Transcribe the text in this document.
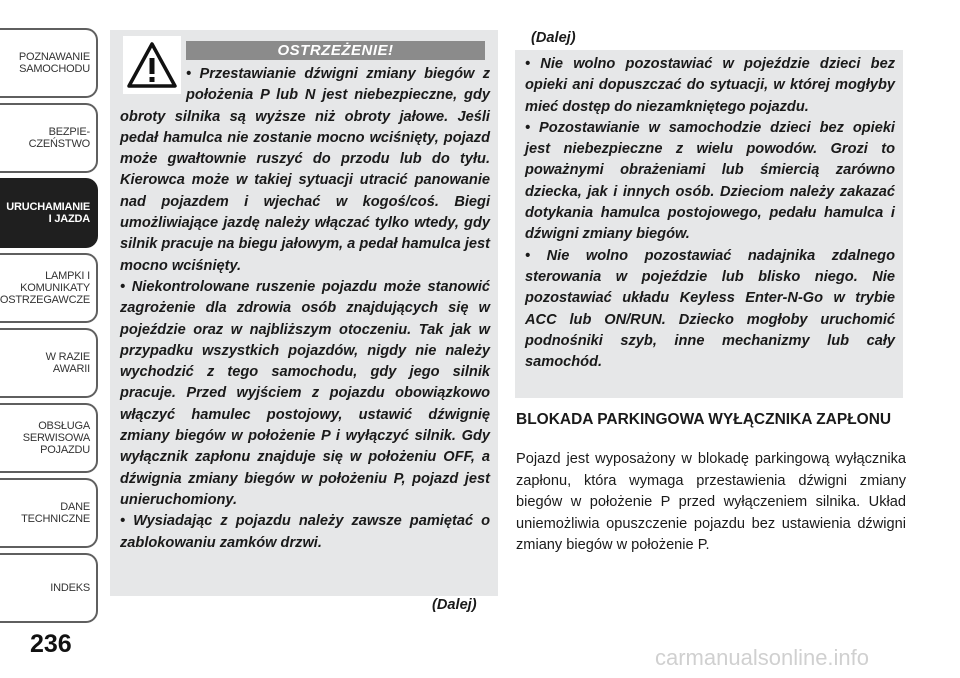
POZNAWANIE
SAMOCHODU
BEZPIE-
CZEŃSTWO
URUCHAMIANIE
I JAZDA
LAMPKI I
KOMUNIKATY
OSTRZEGAWCZE
W RAZIE
AWARII
OBSŁUGA
SERWISOWA
POJAZDU
DANE
TECHNICZNE
INDEKS
236
OSTRZEŻENIE!

• Przestawianie dźwigni zmiany biegów z położenia P lub N jest niebezpieczne, gdy obroty silnika są wyższe niż obroty jałowe. Jeśli pedał hamulca nie zostanie mocno wciśnięty, pojazd może gwałtownie ruszyć do przodu lub do tyłu. Kierowca może w takiej sytuacji utracić panowanie nad pojazdem i wjechać w kogoś/coś. Biegi umożliwiające jazdę należy włączać tylko wtedy, gdy silnik pracuje na biegu jałowym, a pedał hamulca jest mocno wciśnięty.

• Niekontrolowane ruszenie pojazdu może stanowić zagrożenie dla zdrowia osób znajdujących się w pojeździe oraz w najbliższym otoczeniu. Tak jak w przypadku wszystkich pojazdów, nigdy nie należy wychodzić z tego samochodu, gdy jego silnik pracuje. Przed wyjściem z pojazdu obowiązkowo włączyć hamulec postojowy, ustawić dźwignię zmiany biegów w położenie P i wyłączyć silnik. Gdy wyłącznik zapłonu znajduje się w położeniu OFF, a dźwignia zmiany biegów w położeniu P, pojazd jest unieruchomiony.

• Wysiadając z pojazdu należy zawsze pamiętać o zablokowaniu zamków drzwi.

(Dalej)
(Dalej)

• Nie wolno pozostawiać w pojeździe dzieci bez opieki ani dopuszczać do sytuacji, w której mogłyby mieć dostęp do niezamkniętego pojazdu.

• Pozostawianie w samochodzie dzieci bez opieki jest niebezpieczne z wielu powodów. Grozi to poważnymi obrażeniami lub śmiercią zarówno dziecka, jak i innych osób. Dzieciom należy zakazać dotykania hamulca postojowego, pedału hamulca i dźwigni zmiany biegów.

• Nie wolno pozostawiać nadajnika zdalnego sterowania w pojeździe lub blisko niego. Nie pozostawiać układu Keyless Enter-N-Go w trybie ACC lub ON/RUN. Dziecko mogłoby uruchomić podnośniki szyb, inne mechanizmy lub cały samochód.

BLOKADA PARKINGOWA WYŁĄCZNIKA ZAPŁONU
Pojazd jest wyposażony w blokadę parkingową wyłącznika zapłonu, która wymaga przestawienia dźwigni zmiany biegów w położenie P przed wyłączeniem silnika. Układ uniemożliwia opuszczenie pojazdu bez ustawienia dźwigni zmiany biegów w położenie P.
carmanualsonline.info
